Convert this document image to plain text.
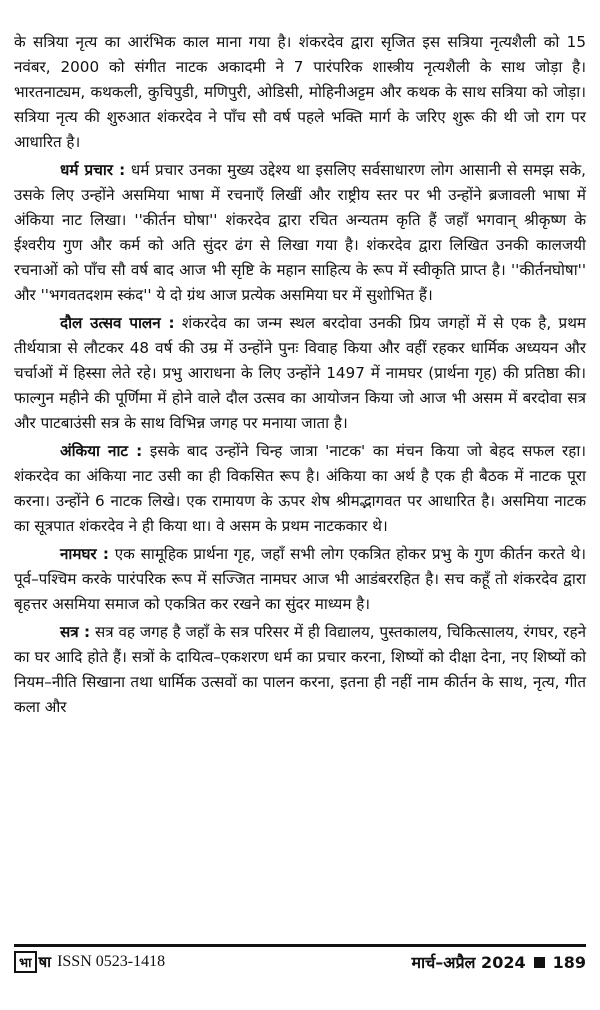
के सत्रिया नृत्य का आरंभिक काल माना गया है। शंकरदेव द्वारा सृजित इस सत्रिया नृत्यशैली को 15 नवंबर, 2000 को संगीत नाटक अकादमी ने 7 पारंपरिक शास्त्रीय नृत्यशैली के साथ जोड़ा है। भारतनाट्यम, कथकली, कुचिपुडी, मणिपुरी, ओडिसी, मोहिनीअट्टम और कथक के साथ सत्रिया को जोड़ा। सत्रिया नृत्य की शुरुआत शंकरदेव ने पाँच सौ वर्ष पहले भक्ति मार्ग के जरिए शुरू की थी जो राग पर आधारित है।

धर्म प्रचार : धर्म प्रचार उनका मुख्य उद्देश्य था इसलिए सर्वसाधारण लोग आसानी से समझ सके, उसके लिए उन्होंने असमिया भाषा में रचनाएँ लिखीं और राष्ट्रीय स्तर पर भी उन्होंने ब्रजावली भाषा में अंकिया नाट लिखा। ''कीर्तन घोषा'' शंकरदेव द्वारा रचित अन्यतम कृति हैं जहाँ भगवान् श्रीकृष्ण के ईश्वरीय गुण और कर्म को अति सुंदर ढंग से लिखा गया है। शंकरदेव द्वारा लिखित उनकी कालजयी रचनाओं को पाँच सौ वर्ष बाद आज भी सृष्टि के महान साहित्य के रूप में स्वीकृति प्राप्त है। ''कीर्तनघोषा'' और ''भगवतदशम स्कंद'' ये दो ग्रंथ आज प्रत्येक असमिया घर में सुशोभित हैं।

दौल उत्सव पालन : शंकरदेव का जन्म स्थल बरदोवा उनकी प्रिय जगहों में से एक है, प्रथम तीर्थयात्रा से लौटकर 48 वर्ष की उम्र में उन्होंने पुनः विवाह किया और वहीं रहकर धार्मिक अध्ययन और चर्चाओं में हिस्सा लेते रहे। प्रभु आराधना के लिए उन्होंने 1497 में नामघर (प्रार्थना गृह) की प्रतिष्ठा की। फाल्गुन महीने की पूर्णिमा में होने वाले दौल उत्सव का आयोजन किया जो आज भी असम में बरदोवा सत्र और पाटबाउंसी सत्र के साथ विभिन्न जगह पर मनाया जाता है।

अंकिया नाट : इसके बाद उन्होंने चिन्ह जात्रा 'नाटक' का मंचन किया जो बेहद सफल रहा। शंकरदेव का अंकिया नाट उसी का ही विकसित रूप है। अंकिया का अर्थ है एक ही बैठक में नाटक पूरा करना। उन्होंने 6 नाटक लिखे। एक रामायण के ऊपर शेष श्रीमद्भागवत पर आधारित है। असमिया नाटक का सूत्रपात शंकरदेव ने ही किया था। वे असम के प्रथम नाटककार थे।

नामघर : एक सामूहिक प्रार्थना गृह, जहाँ सभी लोग एकत्रित होकर प्रभु के गुण कीर्तन करते थे। पूर्व–पश्चिम करके पारंपरिक रूप में सज्जित नामघर आज भी आडंबररहित है। सच कहूँ तो शंकरदेव द्वारा बृहत्तर असमिया समाज को एकत्रित कर रखने का सुंदर माध्यम है।

सत्र : सत्र वह जगह है जहाँ के सत्र परिसर में ही विद्यालय, पुस्तकालय, चिकित्सालय, रंगघर, रहने का घर आदि होते हैं। सत्रों के दायित्व–एकशरण धर्म का प्रचार करना, शिष्यों को दीक्षा देना, नए शिष्यों को नियम–नीति सिखाना तथा धार्मिक उत्सवों का पालन करना, इतना ही नहीं नाम कीर्तन के साथ, नृत्य, गीत कला और

भा षा ISSN 0523-1418	मार्च–अप्रैल 2024 189
